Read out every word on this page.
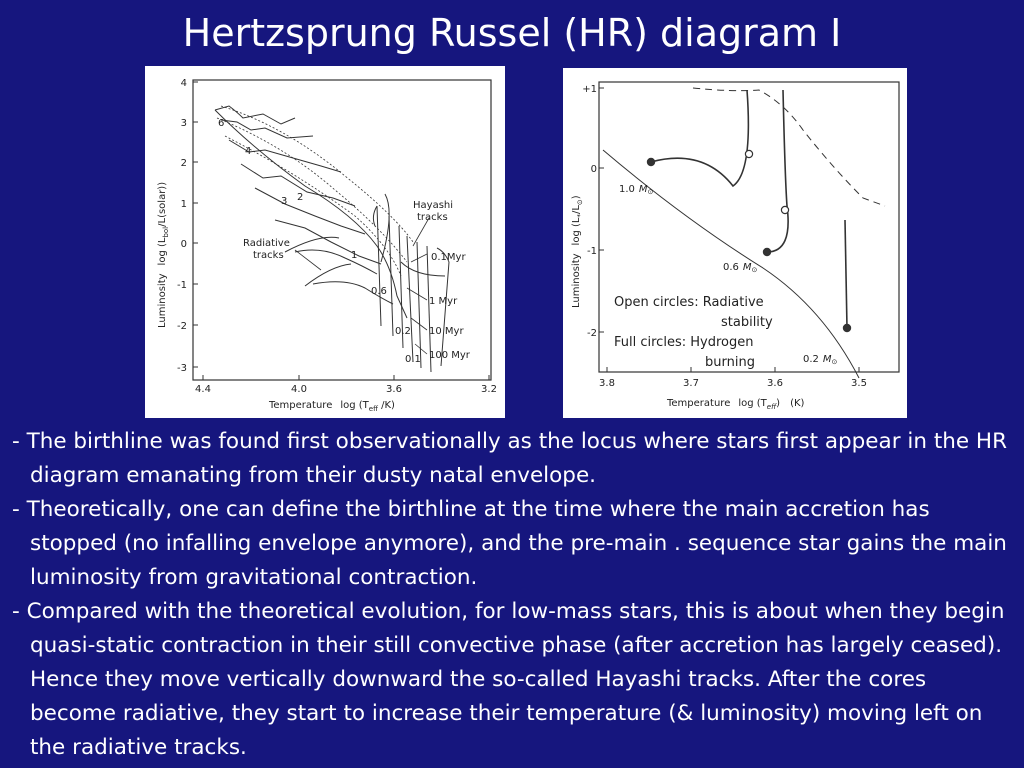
Hertzsprung Russel (HR) diagram I
4
3
2
1
0
-1
-2
-3
4.4	4.0	3.6	3.2
Temperature $\log (T_{eff}$ /K)
Luminositylog $(L_{bol}/L(solar))$
6
4
3 2
1
0.6
0.2
0.1
0.1Myr
1 Myr
10 Myr
100 Myr
Hayashi
tracks
Radiative
tracks
+1
0
-1
-2
3.8	3.7	3.6	3.5
Temperature $\log (T_{eff})$ (K)
Luminositylog $(L_*/L_⊙)$
1.0 $M_⊙$
0.6 $M_⊙$
0.2 $M_⊙$
Open circles: Radiative
stability
Full circles: Hydrogen
burning

- The birthline was found first observationally as the locus where stars first appear in the HR diagram emanating from their dusty natal envelope.

- Theoretically, one can define the birthline at the time where the main accretion has stopped (no infalling envelope anymore), and the pre-main . sequence star gains the main luminosity from gravitational contraction.

- Compared with the theoretical evolution, for low-mass stars, this is about when they begin quasi-static contraction in their still convective phase (after accretion has largely ceased). Hence they move vertically downward the so-called Hayashi tracks. After the cores become radiative, they start to increase their temperature (& luminosity) moving left on the radiative tracks.
